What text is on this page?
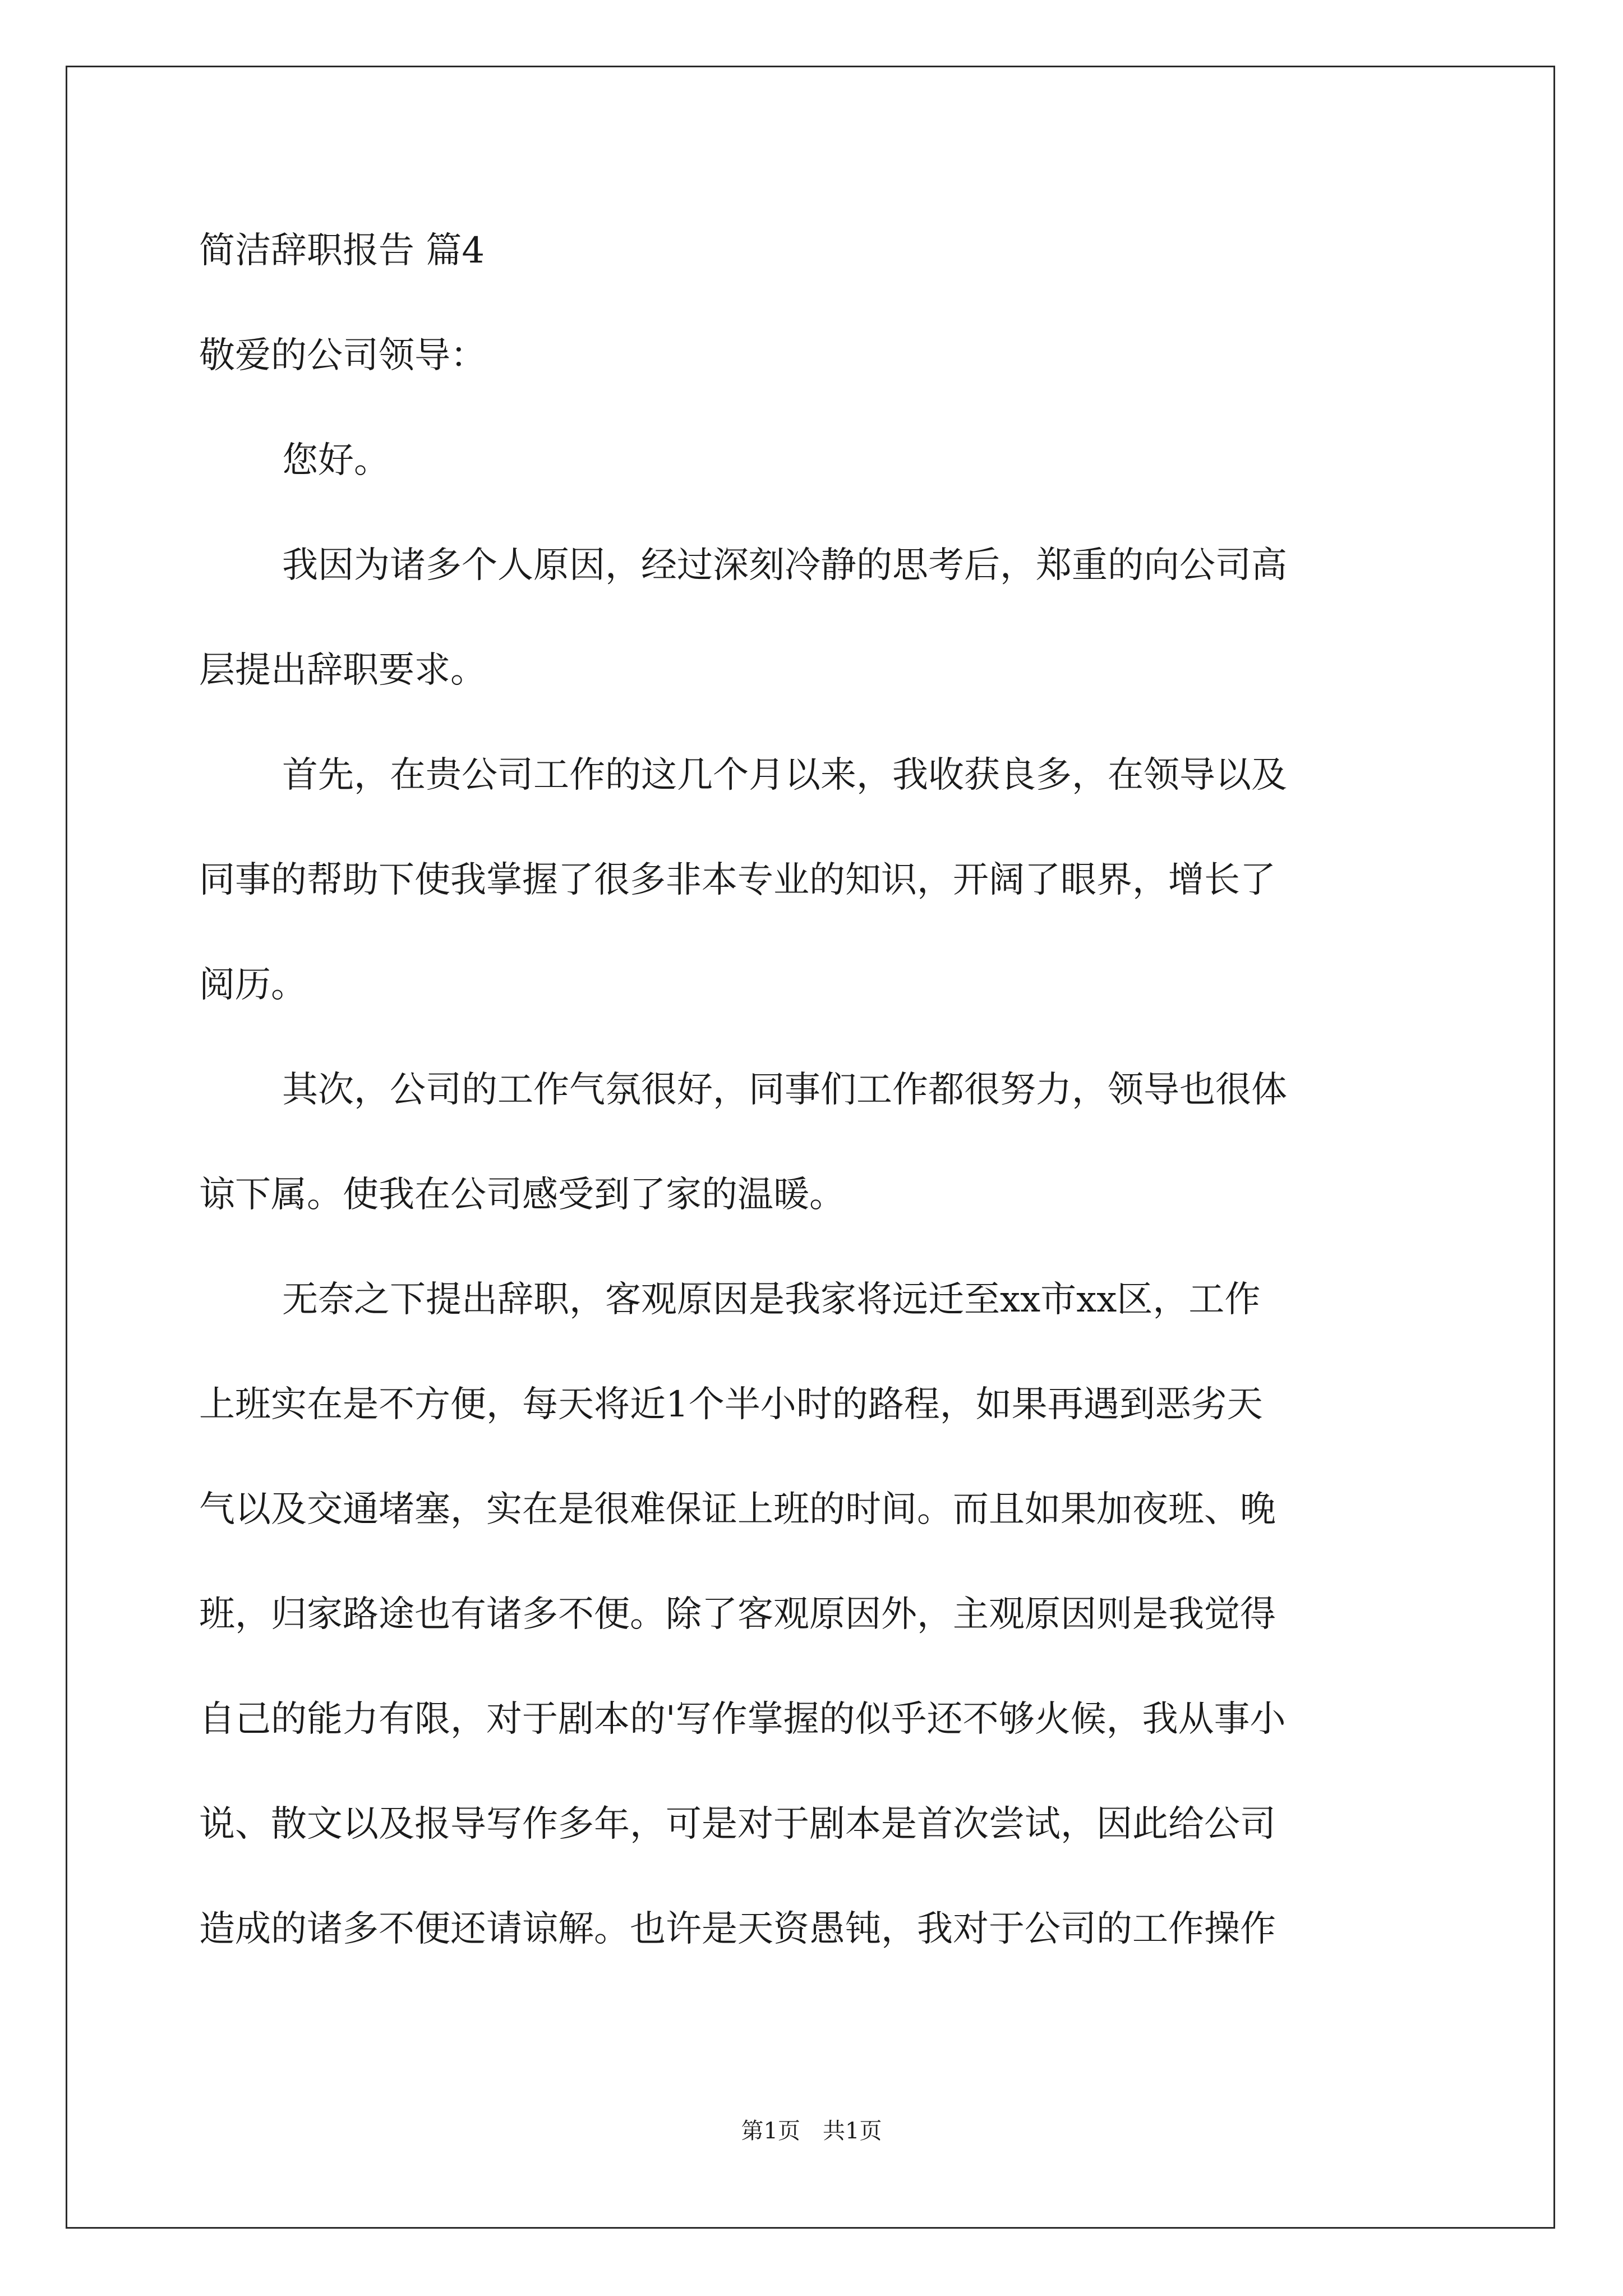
简洁辞职报告 篇4
敬爱的公司领导：
您好。
我因为诸多个人原因，经过深刻冷静的思考后，郑重的向公司高
层提出辞职要求。
首先，在贵公司工作的这几个月以来，我收获良多，在领导以及
同事的帮助下使我掌握了很多非本专业的知识，开阔了眼界，增长了
阅历。
其次，公司的工作气氛很好，同事们工作都很努力，领导也很体
谅下属。使我在公司感受到了家的温暖。
无奈之下提出辞职，客观原因是我家将远迁至xx市xx区，工作
上班实在是不方便，每天将近1个半小时的路程，如果再遇到恶劣天
气以及交通堵塞，实在是很难保证上班的时间。而且如果加夜班、晚
班，归家路途也有诸多不便。除了客观原因外，主观原因则是我觉得
自己的能力有限，对于剧本的'写作掌握的似乎还不够火候，我从事小
说、散文以及报导写作多年，可是对于剧本是首次尝试，因此给公司
造成的诸多不便还请谅解。也许是天资愚钝，我对于公司的工作操作
第1页　共1页
